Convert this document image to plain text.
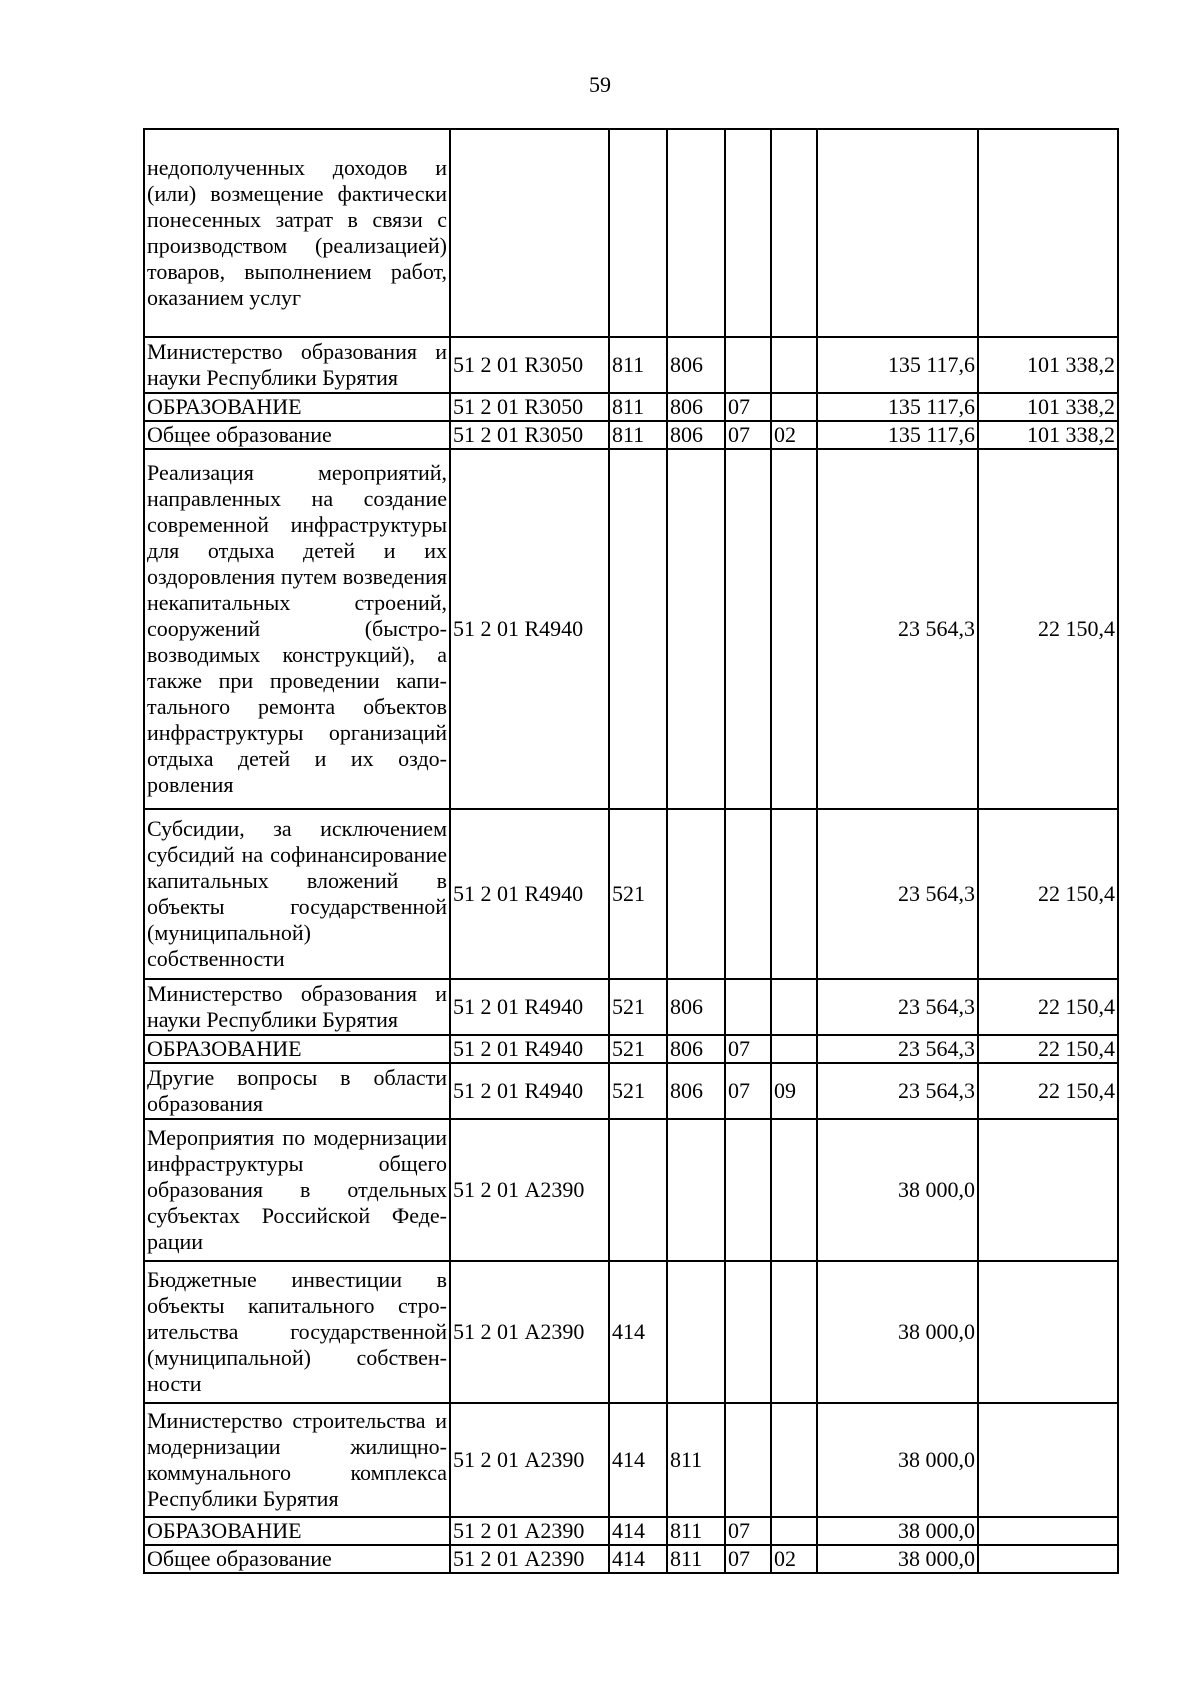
59
недополученных доходов и (или) возмещение фактически понесенных затрат в связи с производством (реализацией) товаров, выполнением работ, оказанием услуг							
Министерство образования и науки Республики Бурятия	51 2 01 R3050	811	806			135 117,6	101 338,2
ОБРАЗОВАНИЕ	51 2 01 R3050	811	806	07		135 117,6	101 338,2
Общее образование	51 2 01 R3050	811	806	07	02	135 117,6	101 338,2
Реализация мероприятий, направленных на создание современной инфраструктуры для отдыха детей и их оздоровления путем возведения некапитальных строений, сооружений (быстровозводимых конструкций), а также при проведении капитального ремонта объектов инфраструктуры организаций отдыха детей и их оздоровления	51 2 01 R4940					23 564,3	22 150,4
Субсидии, за исключением субсидий на софинансирование капитальных вложений в объекты государственной (муниципальной) собственности	51 2 01 R4940	521				23 564,3	22 150,4
Министерство образования и науки Республики Бурятия	51 2 01 R4940	521	806			23 564,3	22 150,4
ОБРАЗОВАНИЕ	51 2 01 R4940	521	806	07		23 564,3	22 150,4
Другие вопросы в области образования	51 2 01 R4940	521	806	07	09	23 564,3	22 150,4
Мероприятия по модернизации инфраструктуры общего образования в отдельных субъектах Российской Федерации	51 2 01 А2390					38 000,0	
Бюджетные инвестиции в объекты капитального строительства государственной (муниципальной) собственности	51 2 01 А2390	414				38 000,0	
Министерство строительства и модернизации жилищно-коммунального комплекса Республики Бурятия	51 2 01 А2390	414	811			38 000,0	
ОБРАЗОВАНИЕ	51 2 01 А2390	414	811	07		38 000,0	
Общее образование	51 2 01 А2390	414	811	07	02	38 000,0	
